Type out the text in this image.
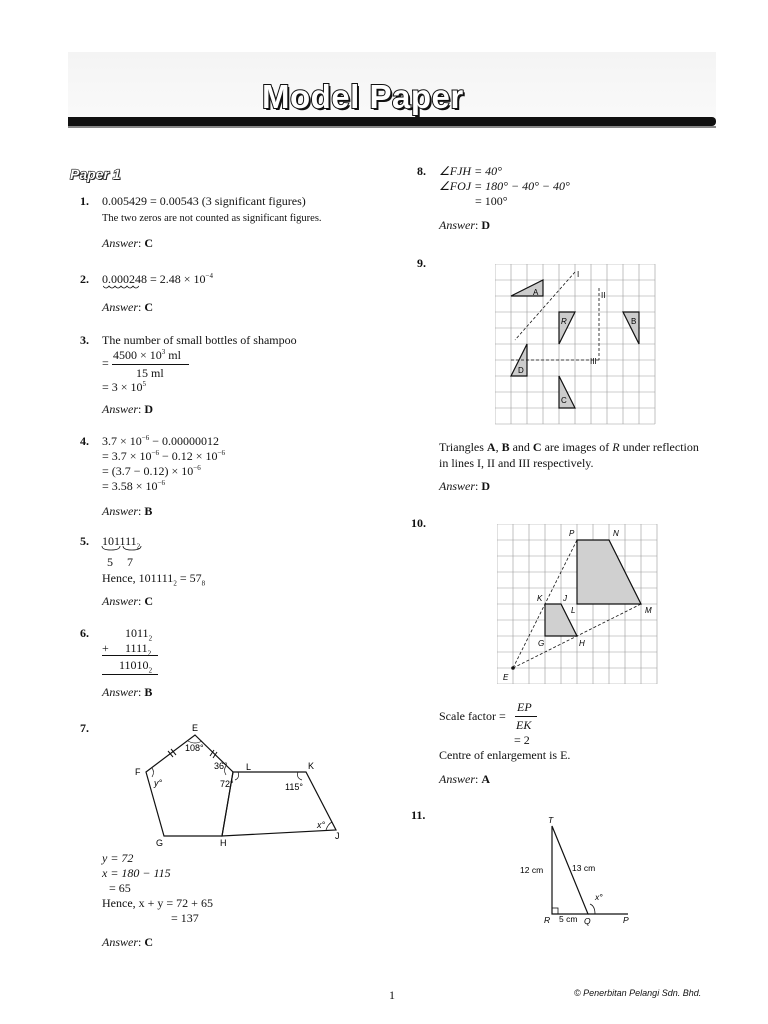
Model Paper
Paper 1
1. 0.005429 = 0.00543 (3 significant figures)
The two zeros are not counted as significant figures.
Answer: C
2. $0.000248 = 2.48 \times 10^{-4}$
Answer: C
3. The number of small bottles of shampoo
=
$4500 \times 10^3$ ml
15 ml
= $3 \times 10^5$
Answer: D
4. $3.7 \times 10^{-6} - 0.00000012$
= $3.7 \times 10^{-6} - 0.12 \times 10^{-6}$
= $(3.7 - 0.12) \times 10^{-6}$
= $3.58 \times 10^{-6}$
Answer: B
5. $101111_2$
5 7
Hence, $101111_2 = 57_8$
Answer: C
6.	$1011_2$
+ $1111_2$
$11010_2$
Answer: B
7.	E
F	L	K
G	H
J
108°
36°
72°	115°
y°
x°
y = 72
x = 180 − 115
= 65
Hence, x + y = 72 + 65
= 137
Answer: C
8. ∠FJH = 40°
∠FOJ = 180° − 40° − 40°
= 100°
Answer: D
9.
A
B
C
D
R
I
II
III
Triangles A, B and C are images of R under reflection
in lines I, II and III respectively.
Answer: D
10.
P	N
K	J
L	M
G	H
E
Scale factor =
EP
EK
= 2
Centre of enlargement is E.
Answer: A
11.	T
R	Q	P
12 cm	13 cm
5 cm
x°
1	© Penerbitan Pelangi Sdn. Bhd.
